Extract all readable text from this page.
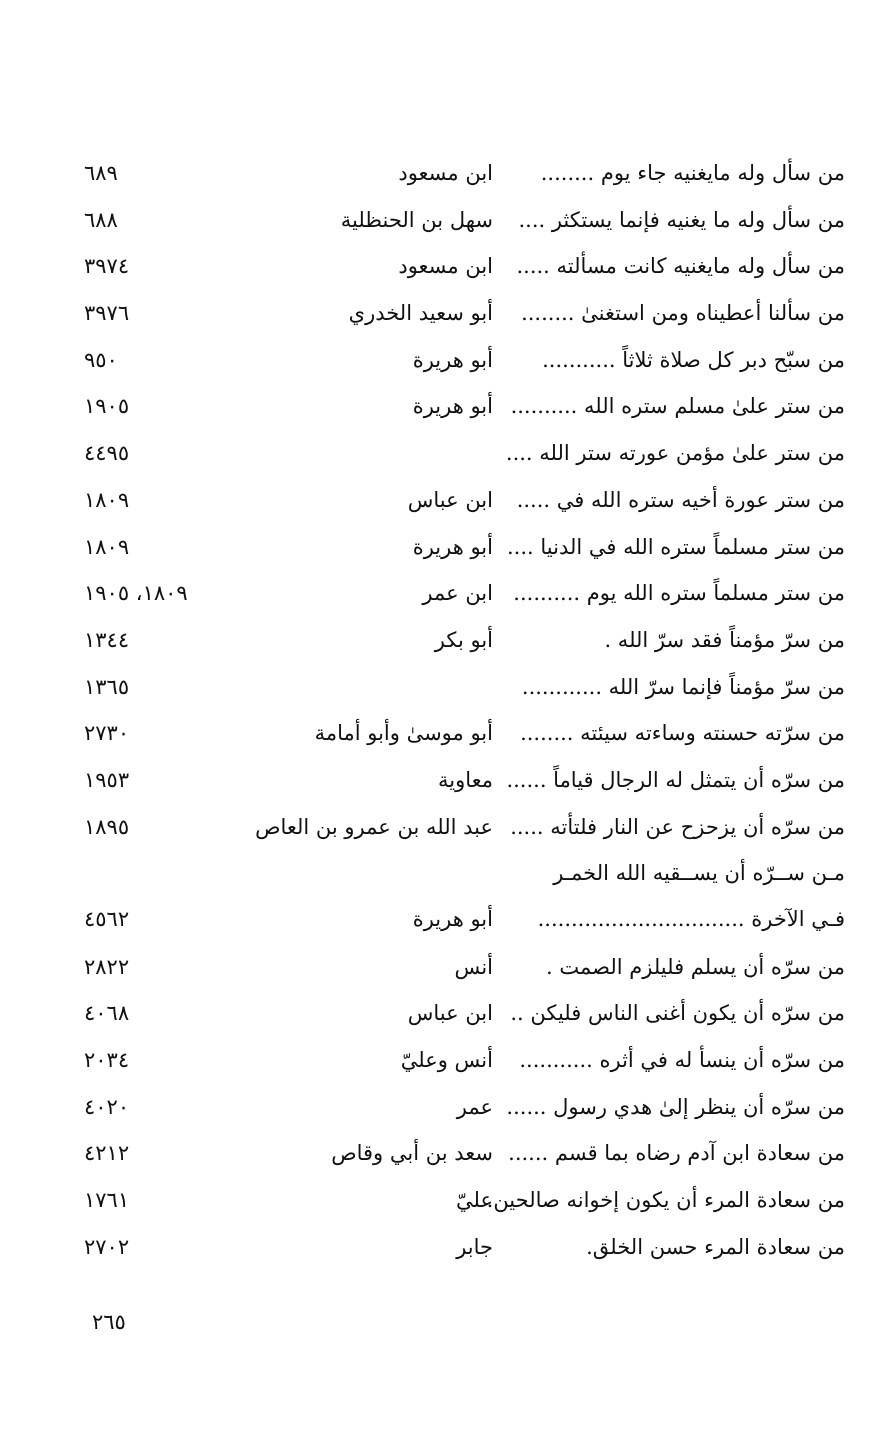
من سأل وله مايغنيه جاء يوم ........
ابن مسعود
٦٨٩
من سأل وله ما يغنيه فإنما يستكثر ....
سهل بن الحنظلية
٦٨٨
من سأل وله مايغنيه كانت مسألته .....
ابن مسعود
٣٩٧٤
من سألنا أعطيناه ومن استغنىٰ ........
أبو سعيد الخدري
٣٩٧٦
من سبّح دبر كل صلاة ثلاثاً ...........
أبو هريرة
٩٥٠
من ستر علىٰ مسلم ستره الله ..........
أبو هريرة
١٩٠٥
من ستر علىٰ مؤمن عورته ستر الله ....
٤٤٩٥
من ستر عورة أخيه ستره الله في .....
ابن عباس
١٨٠٩
من ستر مسلماً ستره الله في الدنيا ....
أبو هريرة
١٨٠٩
من ستر مسلماً ستره الله يوم ..........
ابن عمر
١٨٠٩، ١٩٠٥
من سرّ مؤمناً فقد سرّ الله .
أبو بكر
١٣٤٤
من سرّ مؤمناً فإنما سرّ الله ............
١٣٦٥
من سرّته حسنته وساءته سيئته ........
أبو موسىٰ وأبو أمامة
٢٧٣٠
من سرّه أن يتمثل له الرجال قياماً ......
معاوية
١٩٥٣
من سرّه أن يزحزح عن النار فلتأته .....
عبد الله بن عمرو بن العاص
١٨٩٥
مـن ســرّه أن يســقيه الله الخمـر فـي الآخرة ...............................
أبو هريرة
٤٥٦٢
من سرّه أن يسلم فليلزم الصمت .
أنس
٢٨٢٢
من سرّه أن يكون أغنى الناس فليكن ..
ابن عباس
٤٠٦٨
من سرّه أن ينسأ له في أثره ...........
أنس وعليّ
٢٠٣٤
من سرّه أن ينظر إلىٰ هدي رسول ......
عمر
٤٠٢٠
من سعادة ابن آدم رضاه بما قسم ......
سعد بن أبي وقاص
٤٢١٢
من سعادة المرء أن يكون إخوانه صالحين.
عليّ
١٧٦١
من سعادة المرء حسن الخلق.
جابر
٢٧٠٢
٢٦٥
